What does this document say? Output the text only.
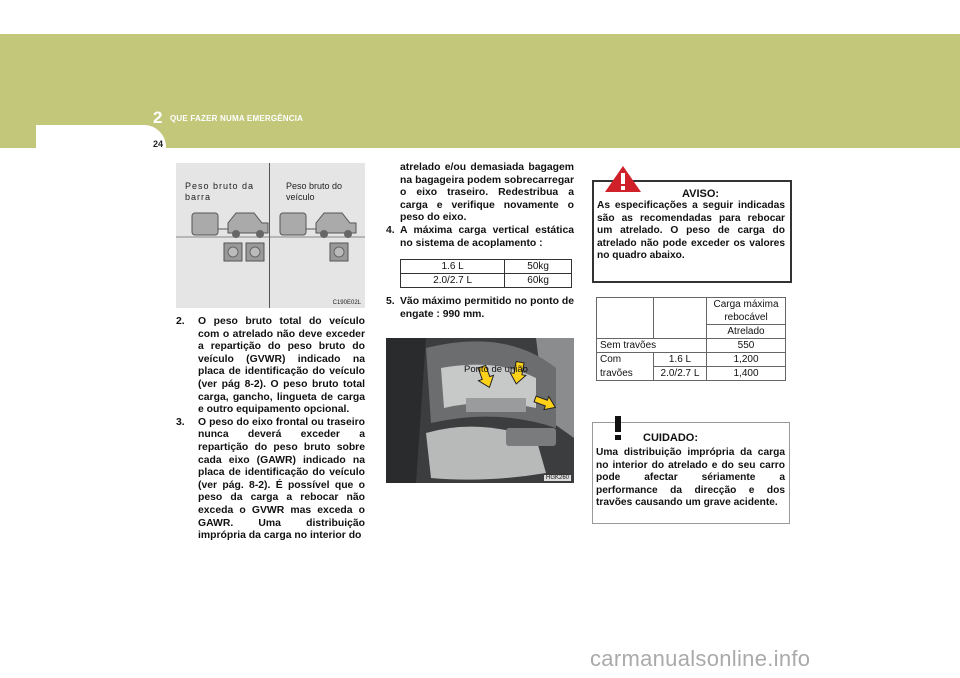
2 QUE FAZER NUMA EMERGÊNCIA
24
Peso bruto da barra
Peso bruto do veículo
C190E02L
2. O peso bruto total do veículo com o atrelado não deve exceder a repartição do peso bruto do veículo (GVWR) indicado na placa de identificação do veículo (ver pág 8-2). O peso bruto total carga, gancho, lingueta de carga e outro equipamento opcional.
3. O peso do eixo frontal ou traseiro nunca deverá exceder a repartição do peso bruto sobre cada eixo (GAWR) indicado na placa de identificação do veículo (ver pág. 8-2). É possível que o peso da carga a rebocar não exceda o GVWR mas exceda o GAWR. Uma distribuição imprópria da carga no interior do
atrelado e/ou demasiada bagagem na bagageira podem sobrecarregar o eixo traseiro. Redestribua a carga e verifique novamente o peso do eixo.
4. A máxima carga vertical estática no sistema de acoplamento :
1.6 L	50kg
2.0/2.7 L	60kg
5. Vão máximo permitido no ponto de engate : 990 mm.
Ponto de união
HGK260
AVISO:
As especificações a seguir indicadas são as recomendadas para rebocar um atrelado. O peso de carga do atrelado não pode exceder os valores no quadro abaixo.
		Carga máxima
		rebocável
		Atrelado
Sem travões		550
Com	1.6 L	1,200
travões	2.0/2.7 L	1,400
CUIDADO:
Uma distribuição imprópria da carga no interior do atrelado e do seu carro pode afectar sériamente a performance da direcção e dos travões causando um grave acidente.
carmanualsonline.info
